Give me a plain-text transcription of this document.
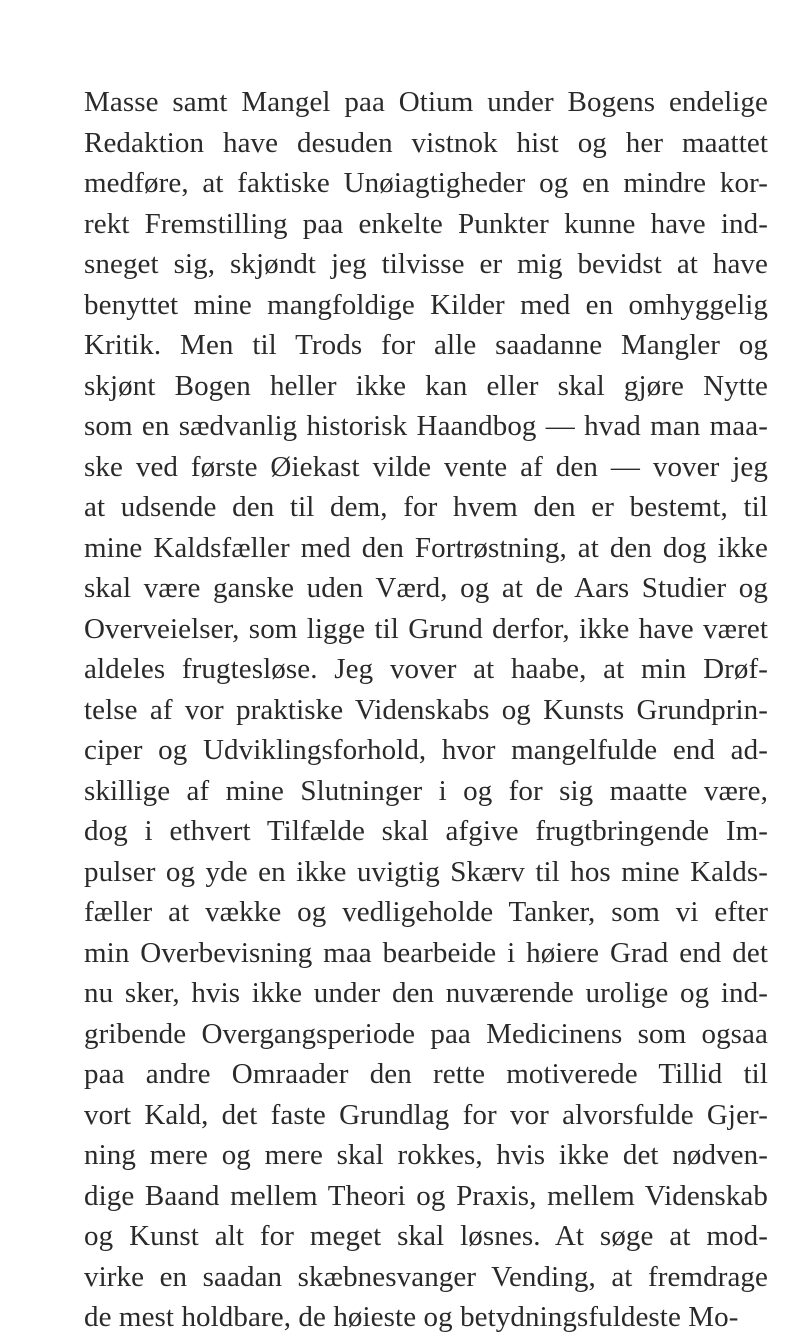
Masse samt Mangel paa Otium under Bogens endelige
Redaktion have desuden vistnok hist og her maattet
medføre, at faktiske Unøiagtigheder og en mindre kor-
rekt Fremstilling paa enkelte Punkter kunne have ind-
sneget sig, skjøndt jeg tilvisse er mig bevidst at have
benyttet mine mangfoldige Kilder med en omhyggelig
Kritik. Men til Trods for alle saadanne Mangler og
skjønt Bogen heller ikke kan eller skal gjøre Nytte
som en sædvanlig historisk Haandbog — hvad man maa-
ske ved første Øiekast vilde vente af den — vover jeg
at udsende den til dem, for hvem den er bestemt, til
mine Kaldsfæller med den Fortrøstning, at den dog ikke
skal være ganske uden Værd, og at de Aars Studier og
Overveielser, som ligge til Grund derfor, ikke have været
aldeles frugtesløse. Jeg vover at haabe, at min Drøf-
telse af vor praktiske Videnskabs og Kunsts Grundprin-
ciper og Udviklingsforhold, hvor mangelfulde end ad-
skillige af mine Slutninger i og for sig maatte være,
dog i ethvert Tilfælde skal afgive frugtbringende Im-
pulser og yde en ikke uvigtig Skærv til hos mine Kalds-
fæller at vække og vedligeholde Tanker, som vi efter
min Overbevisning maa bearbeide i høiere Grad end det
nu sker, hvis ikke under den nuværende urolige og ind-
gribende Overgangsperiode paa Medicinens som ogsaa
paa andre Omraader den rette motiverede Tillid til
vort Kald, det faste Grundlag for vor alvorsfulde Gjer-
ning mere og mere skal rokkes, hvis ikke det nødven-
dige Baand mellem Theori og Praxis, mellem Videnskab
og Kunst alt for meget skal løsnes. At søge at mod-
virke en saadan skæbnesvanger Vending, at fremdrage
de mest holdbare, de høieste og betydningsfuldeste Mo-
